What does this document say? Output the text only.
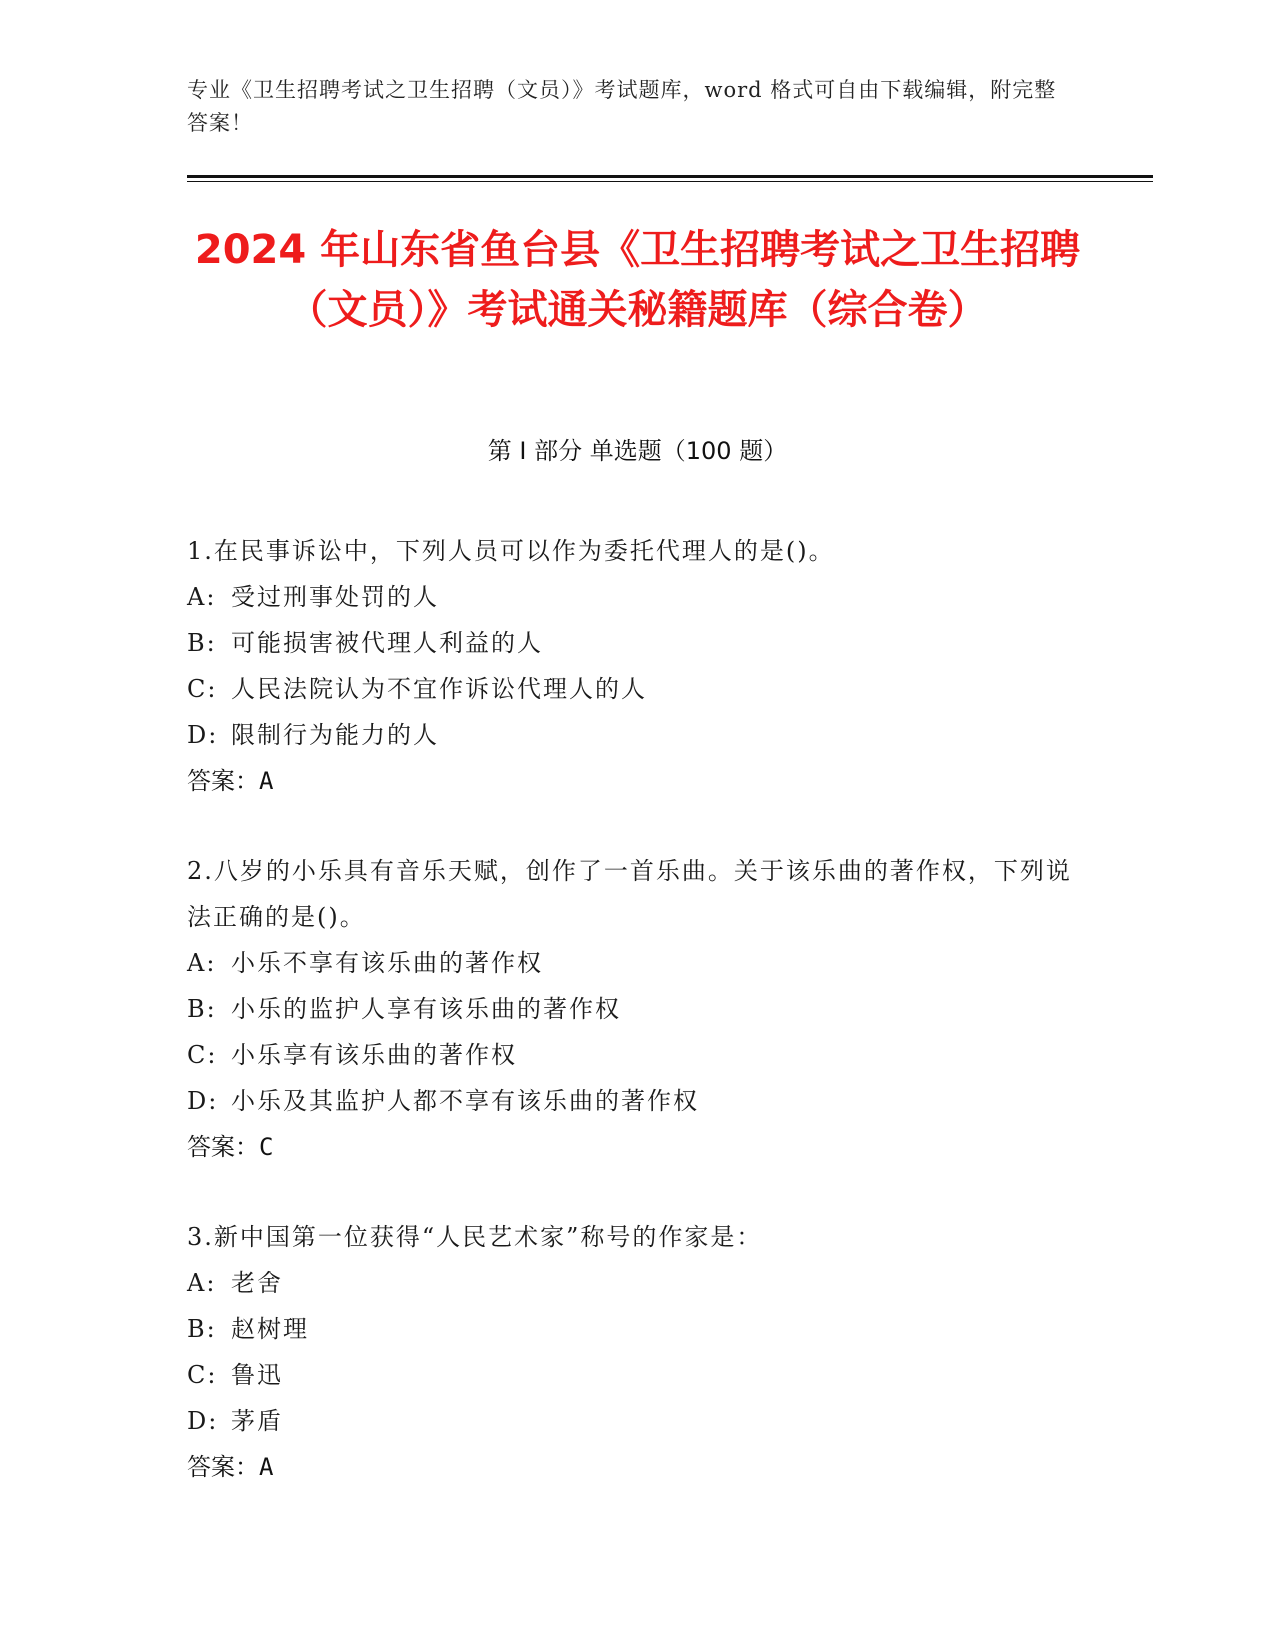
专业《卫生招聘考试之卫生招聘（文员）》考试题库，word 格式可自由下载编辑，附完整答案！
2024 年山东省鱼台县《卫生招聘考试之卫生招聘（文员）》考试通关秘籍题库（综合卷）
第 I 部分 单选题（100 题）
1.在民事诉讼中，下列人员可以作为委托代理人的是()。
A: 受过刑事处罚的人
B: 可能损害被代理人利益的人
C: 人民法院认为不宜作诉讼代理人的人
D: 限制行为能力的人
答案：A
2.八岁的小乐具有音乐天赋，创作了一首乐曲。关于该乐曲的著作权，下列说法正确的是()。
A: 小乐不享有该乐曲的著作权
B: 小乐的监护人享有该乐曲的著作权
C: 小乐享有该乐曲的著作权
D: 小乐及其监护人都不享有该乐曲的著作权
答案：C
3.新中国第一位获得“人民艺术家”称号的作家是：
A: 老舍
B: 赵树理
C: 鲁迅
D: 茅盾
答案：A
